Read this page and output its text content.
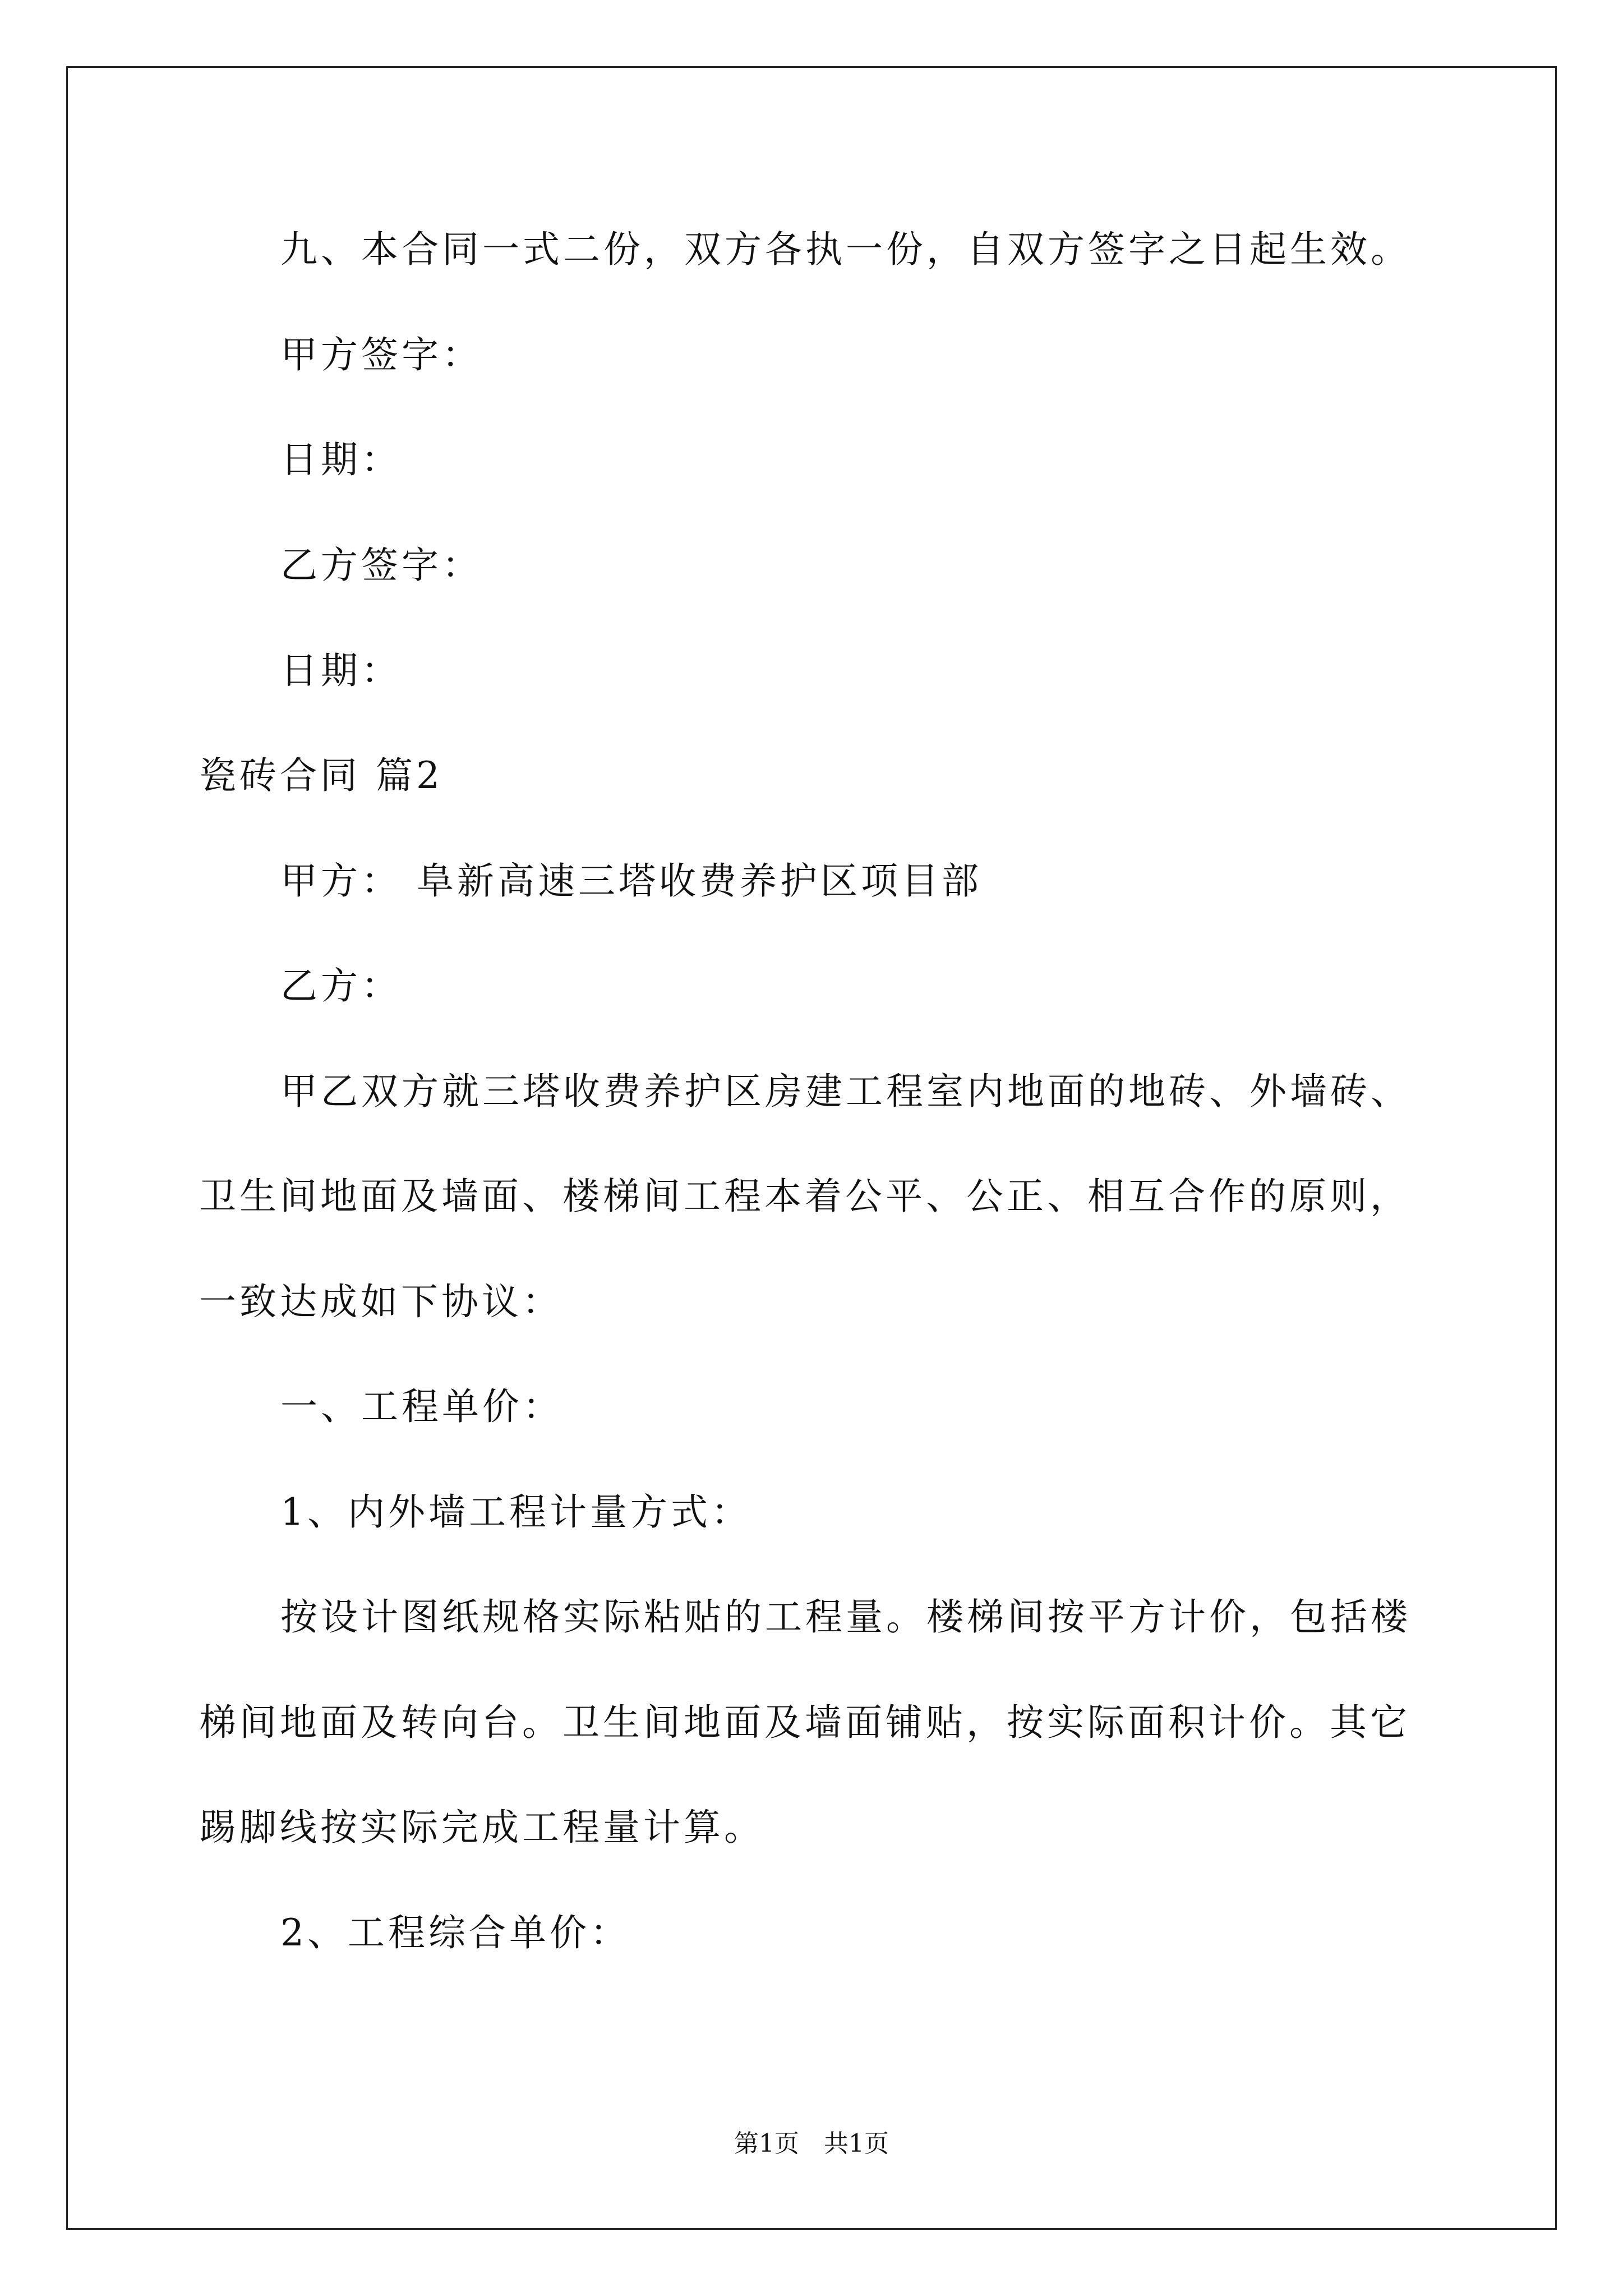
九、本合同一式二份，双方各执一份，自双方签字之日起生效。
甲方签字：
日期：
乙方签字：
日期：
瓷砖合同 篇2
甲方： 阜新高速三塔收费养护区项目部
乙方：
甲乙双方就三塔收费养护区房建工程室内地面的地砖、外墙砖、
卫生间地面及墙面、楼梯间工程本着公平、公正、相互合作的原则，
一致达成如下协议：
一、工程单价：
1、内外墙工程计量方式：
按设计图纸规格实际粘贴的工程量。楼梯间按平方计价，包括楼
梯间地面及转向台。卫生间地面及墙面铺贴，按实际面积计价。其它
踢脚线按实际完成工程量计算。
2、工程综合单价：
第1页　共1页
